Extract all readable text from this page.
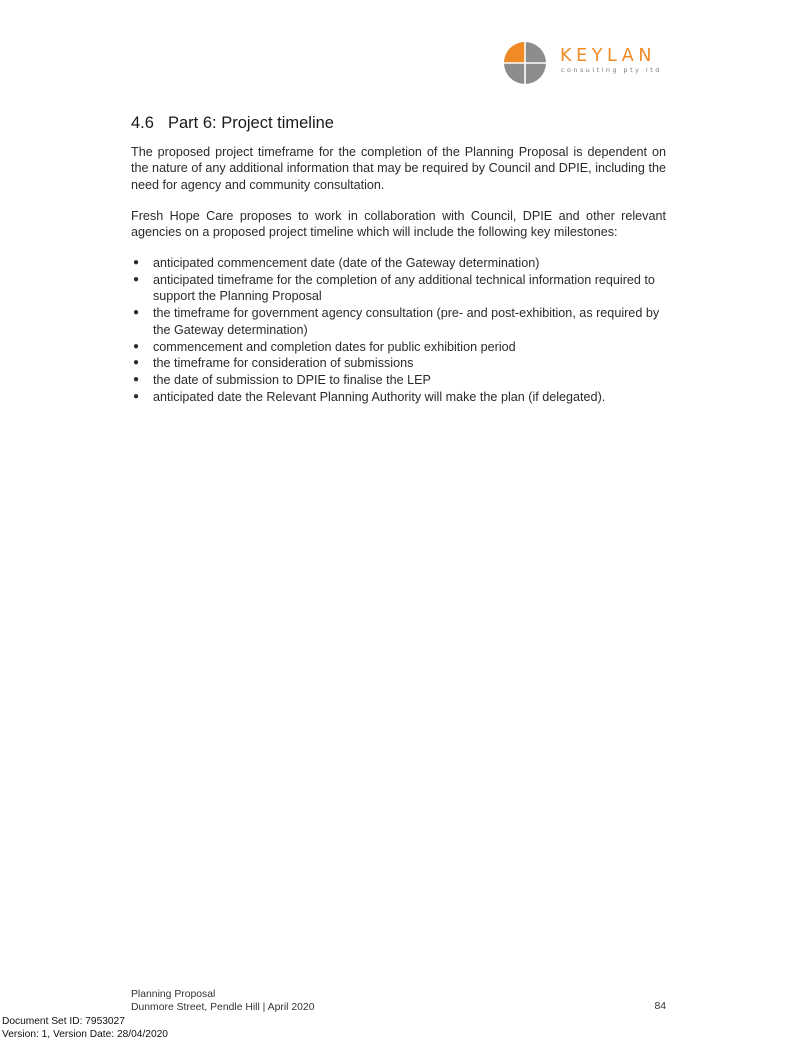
KEYLAN
consulting pty ltd
4.6 Part 6: Project timeline

The proposed project timeframe for the completion of the Planning Proposal is dependent on the nature of any additional information that may be required by Council and DPIE, including the need for agency and community consultation.

Fresh Hope Care proposes to work in collaboration with Council, DPIE and other relevant agencies on a proposed project timeline which will include the following key milestones:

● anticipated commencement date (date of the Gateway determination)
● anticipated timeframe for the completion of any additional technical information required to support the Planning Proposal
● the timeframe for government agency consultation (pre- and post-exhibition, as required by the Gateway determination)
● commencement and completion dates for public exhibition period
● the timeframe for consideration of submissions
● the date of submission to DPIE to finalise the LEP
● anticipated date the Relevant Planning Authority will make the plan (if delegated).
Planning Proposal
Dunmore Street, Pendle Hill | April 2020	84
Document Set ID: 7953027
Version: 1, Version Date: 28/04/2020
